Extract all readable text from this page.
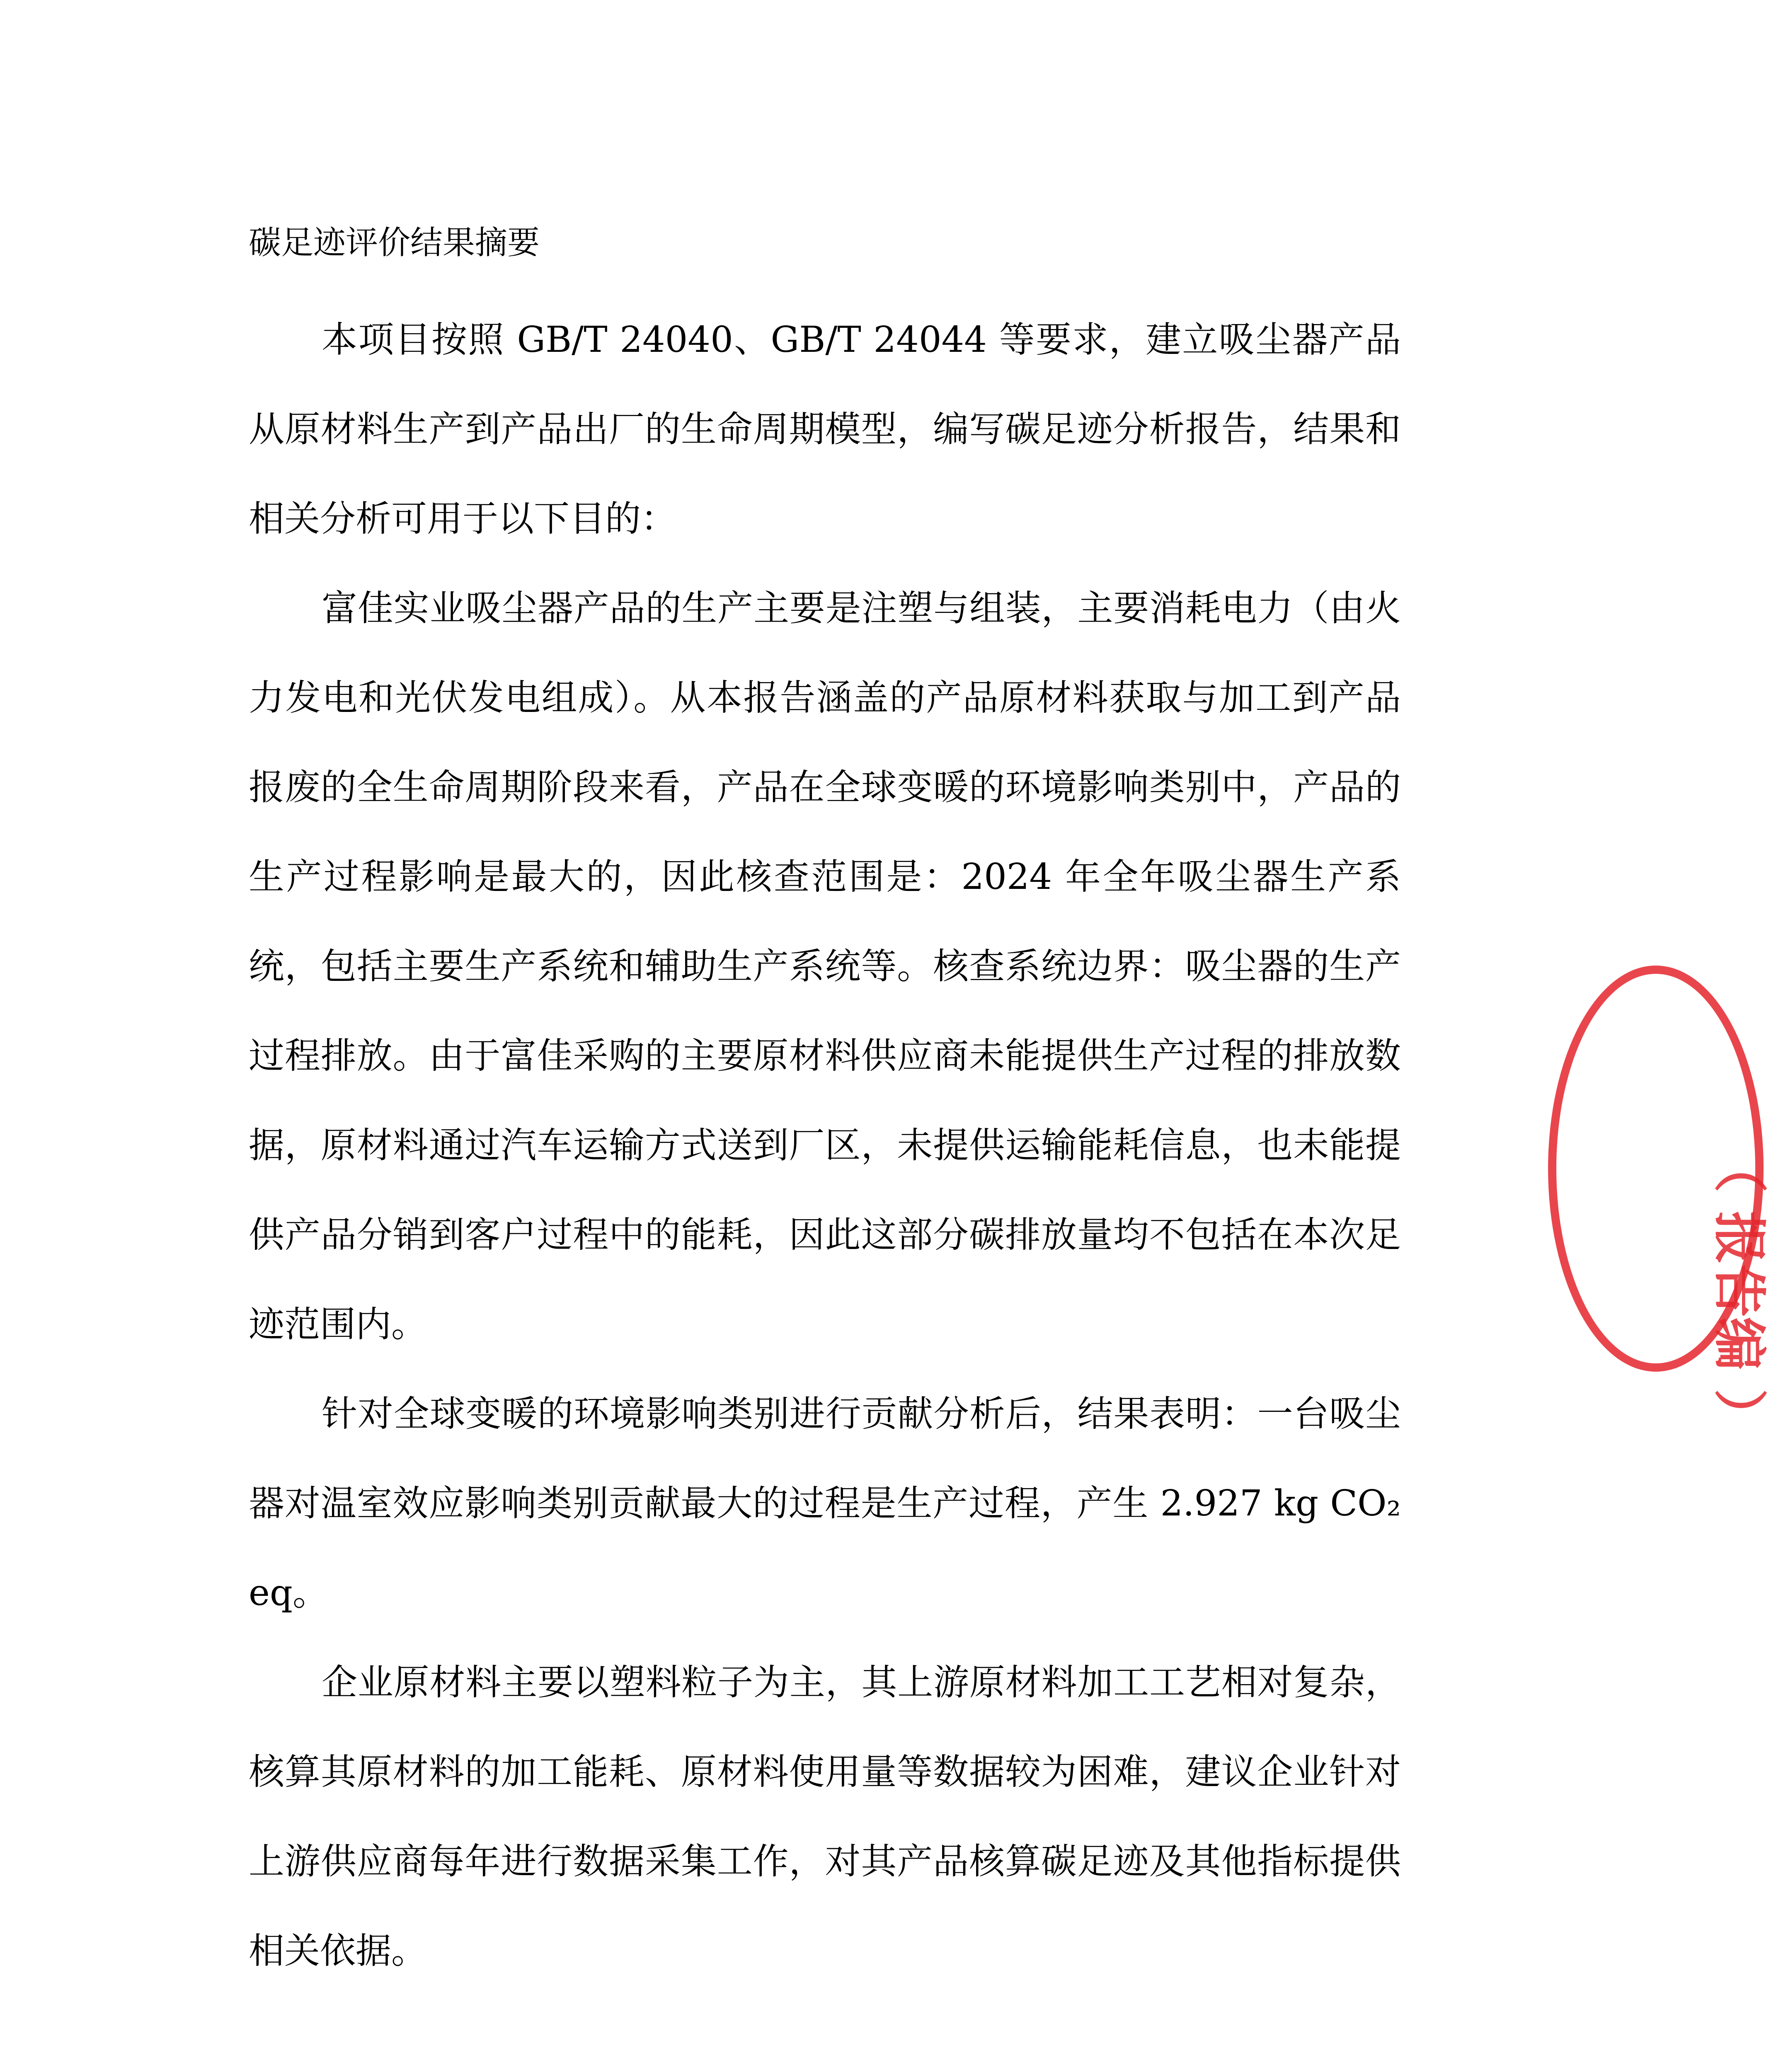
碳足迹评价结果摘要

本项目按照 GB/T 24040、GB/T 24044 等要求，建立吸尘器产品从原材料生产到产品出厂的生命周期模型，编写碳足迹分析报告，结果和相关分析可用于以下目的：

富佳实业吸尘器产品的生产主要是注塑与组装，主要消耗电力（由火力发电和光伏发电组成）。从本报告涵盖的产品原材料获取与加工到产品报废的全生命周期阶段来看，产品在全球变暖的环境影响类别中，产品的生产过程影响是最大的，因此核查范围是：2024 年全年吸尘器生产系统，包括主要生产系统和辅助生产系统等。核查系统边界：吸尘器的生产过程排放。由于富佳采购的主要原材料供应商未能提供生产过程的排放数据，原材料通过汽车运输方式送到厂区，未提供运输能耗信息，也未能提供产品分销到客户过程中的能耗，因此这部分碳排放量均不包括在本次足迹范围内。

针对全球变暖的环境影响类别进行贡献分析后，结果表明：一台吸尘器对温室效应影响类别贡献最大的过程是生产过程，产生 2.927 kg CO₂ eq。

企业原材料主要以塑料粒子为主，其上游原材料加工工艺相对复杂，核算其原材料的加工能耗、原材料使用量等数据较为困难，建议企业针对上游供应商每年进行数据采集工作，对其产品核算碳足迹及其他指标提供相关依据。

（ 报告编 ）
